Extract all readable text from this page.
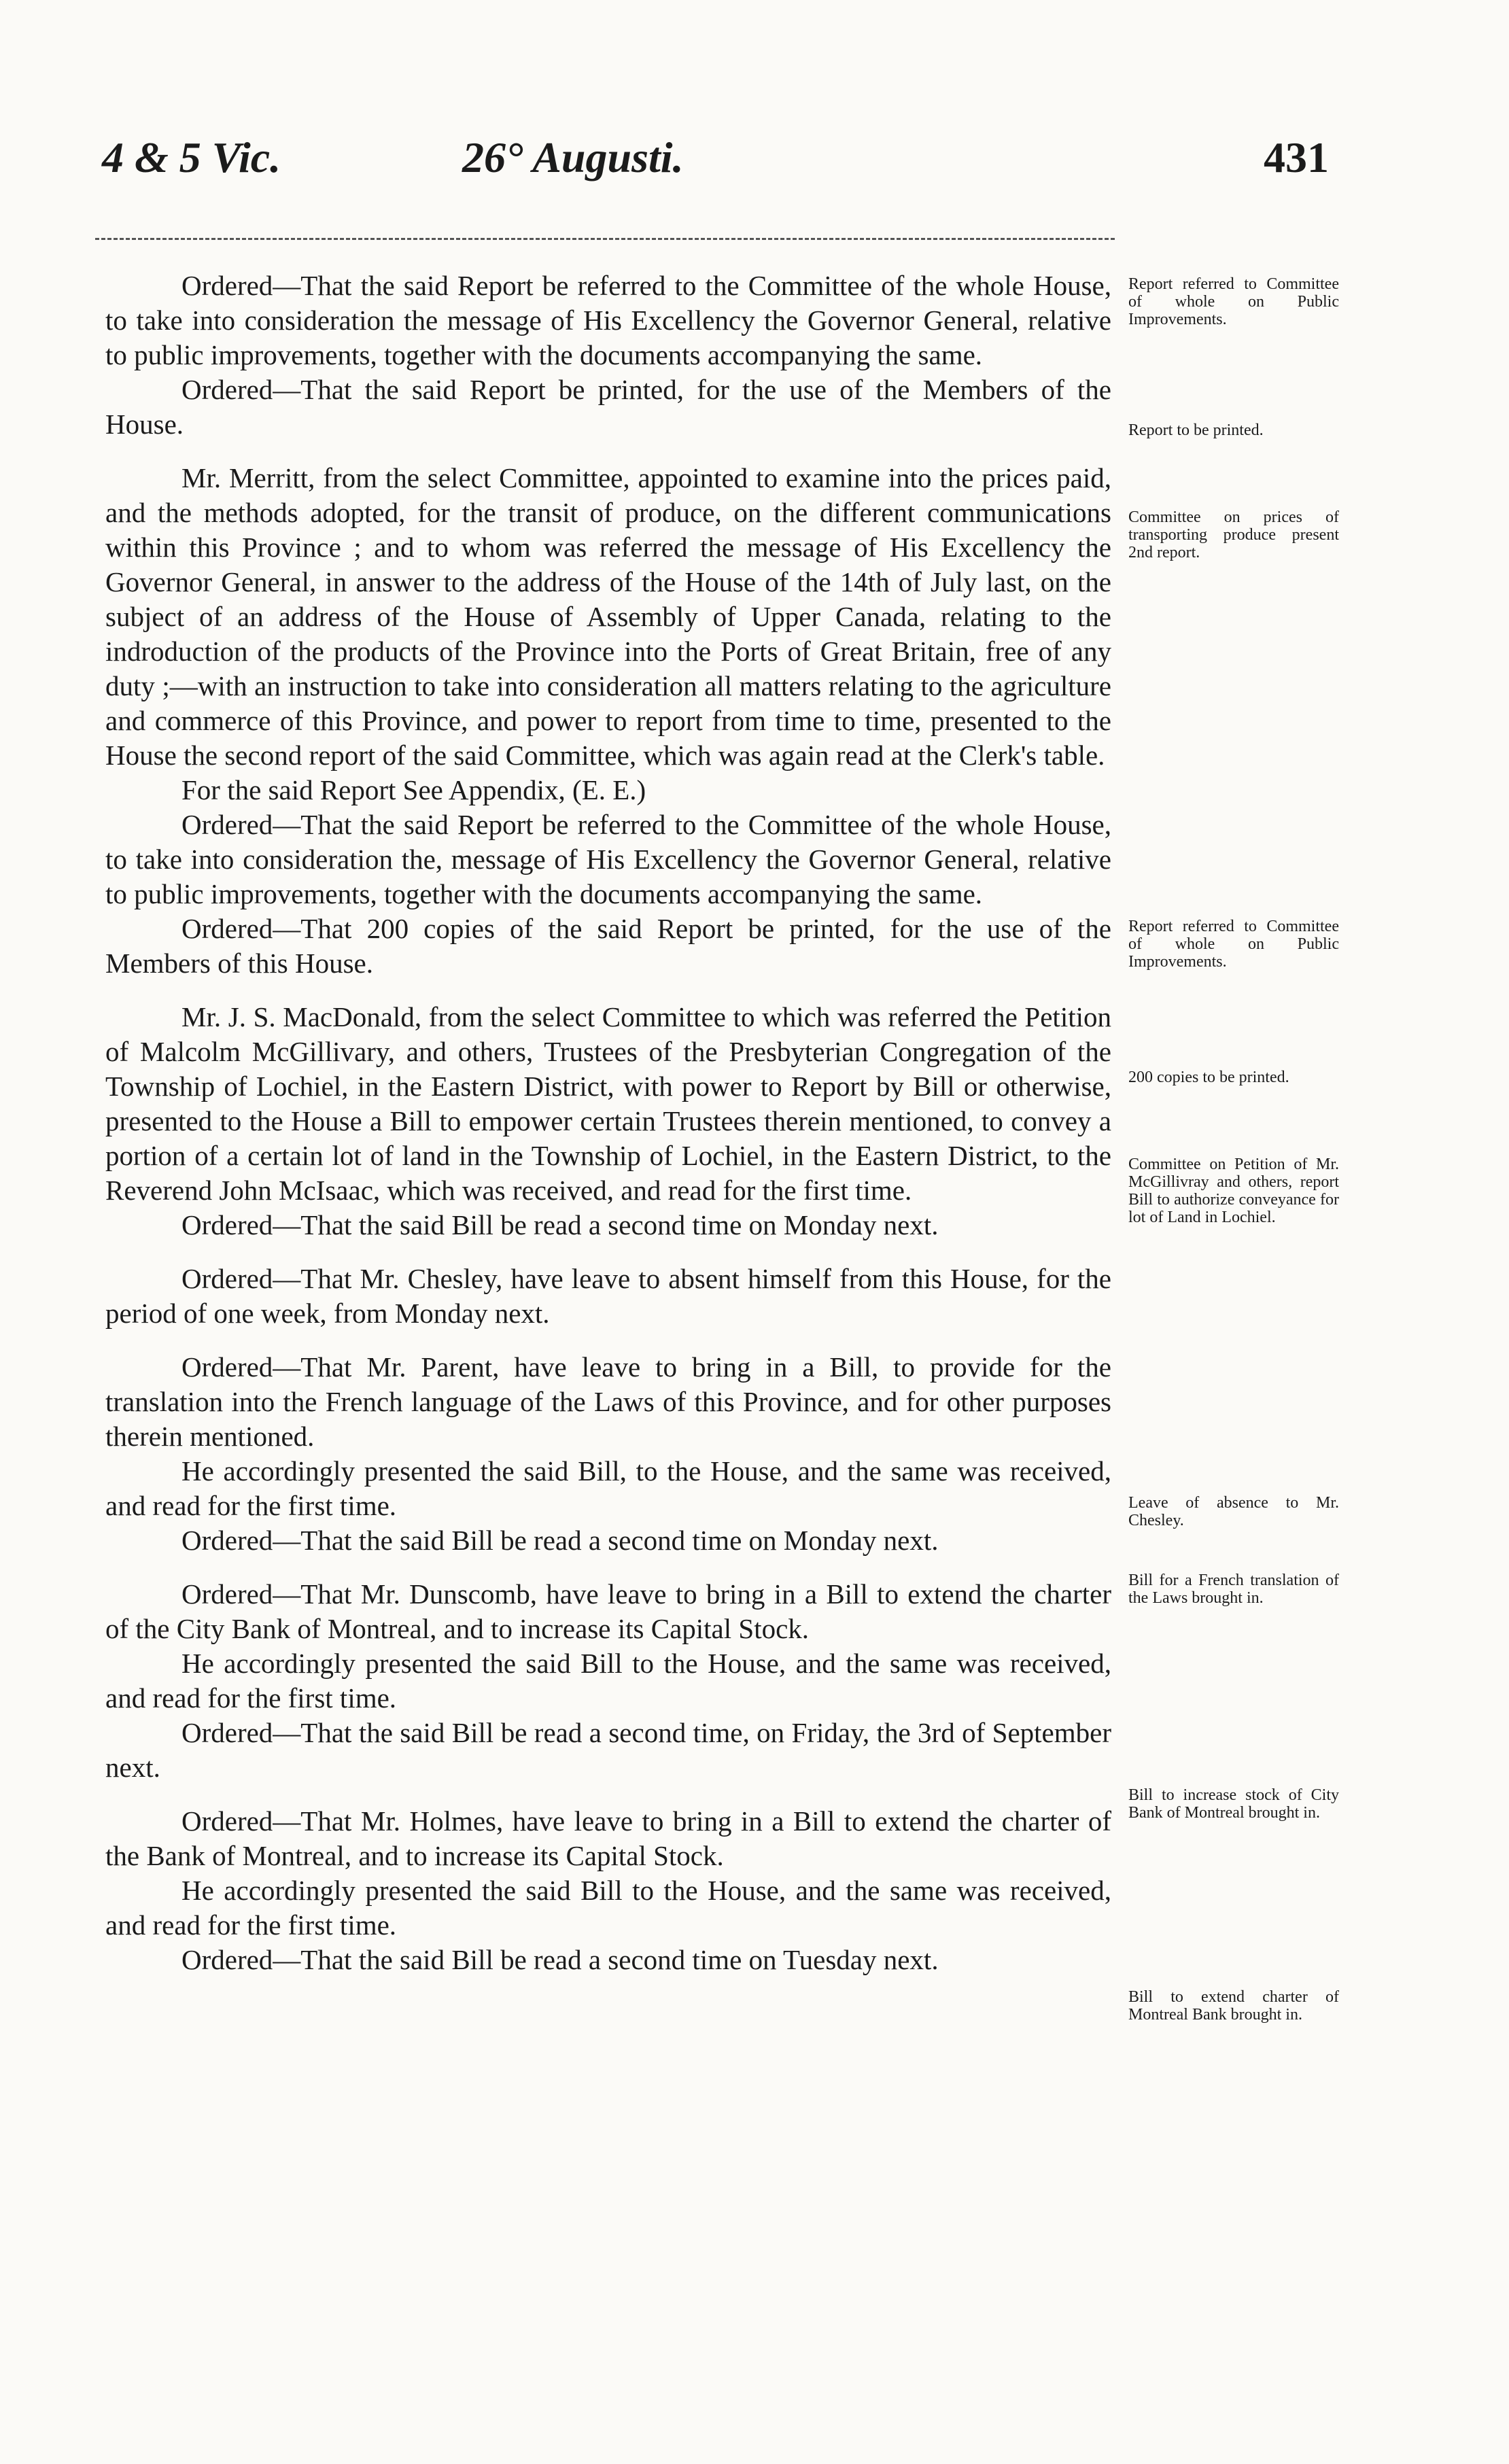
4 & 5 Vic.	26° Augusti.	431

Ordered—That the said Report be referred to the Committee of the whole House, to take into consideration the message of His Excellency the Governor General, relative to public improvements, together with the documents accompanying the same.

Ordered—That the said Report be printed, for the use of the Members of the House.

Mr. Merritt, from the select Committee, appointed to examine into the prices paid, and the methods adopted, for the transit of produce, on the different communications within this Province ; and to whom was referred the message of His Excellency the Governor General, in answer to the address of the House of the 14th of July last, on the subject of an address of the House of Assembly of Upper Canada, relating to the indroduction of the products of the Province into the Ports of Great Britain, free of any duty ;—with an instruction to take into consideration all matters relating to the agriculture and commerce of this Province, and power to report from time to time, presented to the House the second report of the said Committee, which was again read at the Clerk's table.

For the said Report See Appendix, (E. E.)

Ordered—That the said Report be referred to the Committee of the whole House, to take into consideration the, message of His Excellency the Governor General, relative to public improvements, together with the documents accompanying the same.

Ordered—That 200 copies of the said Report be printed, for the use of the Members of this House.

Mr. J. S. MacDonald, from the select Committee to which was referred the Petition of Malcolm McGillivary, and others, Trustees of the Presbyterian Congregation of the Township of Lochiel, in the Eastern District, with power to Report by Bill or otherwise, presented to the House a Bill to empower certain Trustees therein mentioned, to convey a portion of a certain lot of land in the Township of Lochiel, in the Eastern District, to the Reverend John McIsaac, which was received, and read for the first time.

Ordered—That the said Bill be read a second time on Monday next.

Ordered—That Mr. Chesley, have leave to absent himself from this House, for the period of one week, from Monday next.

Ordered—That Mr. Parent, have leave to bring in a Bill, to provide for the translation into the French language of the Laws of this Province, and for other purposes therein mentioned.

He accordingly presented the said Bill, to the House, and the same was received, and read for the first time.

Ordered—That the said Bill be read a second time on Monday next.

Ordered—That Mr. Dunscomb, have leave to bring in a Bill to extend the charter of the City Bank of Montreal, and to increase its Capital Stock.

He accordingly presented the said Bill to the House, and the same was received, and read for the first time.

Ordered—That the said Bill be read a second time, on Friday, the 3rd of September next.

Ordered—That Mr. Holmes, have leave to bring in a Bill to extend the charter of the Bank of Montreal, and to increase its Capital Stock.

He accordingly presented the said Bill to the House, and the same was received, and read for the first time.

Ordered—That the said Bill be read a second time on Tuesday next.

Report referred to Committee of whole on Public Improvements.
Report to be printed.
Committee on prices of transporting produce present 2nd report.
Report referred to Committee of whole on Public Improvements.
200 copies to be printed.
Committee on Petition of Mr. McGillivray and others, report Bill to authorize conveyance for lot of Land in Lochiel.
Leave of absence to Mr. Chesley.
Bill for a French translation of the Laws brought in.
Bill to increase stock of City Bank of Montreal brought in.
Bill to extend charter of Montreal Bank brought in.
